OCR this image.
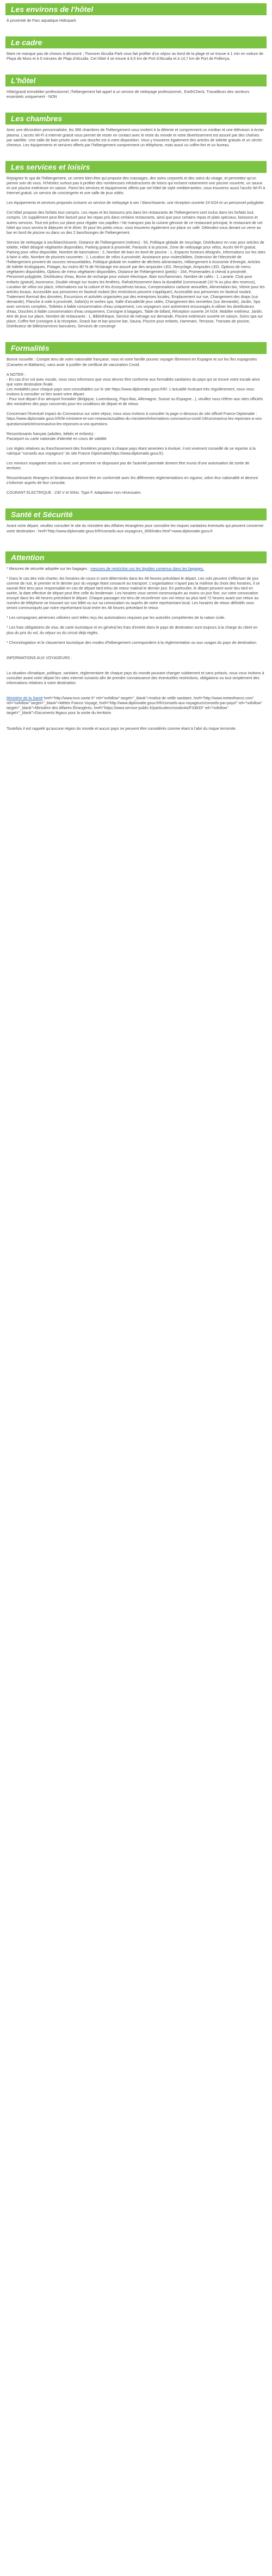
Les environs de l'hôtel

À proximité de Parc aquatique Hidropark

Le cadre

Mare ne manque pas de choses à découvrir ; l'honorer Alcudia Park vous fait profiter d'un séjour au bord de la plage et se trouve à 1 min en voiture de Playa de Muro et à 5 minutes de Plaja d'Alcudia. Cet hôtel 4 se trouve à 6,5 km de Port d'Alcudia et à 14,7 km de Port de Pollença.

L'hôtel

Hôte(grand immobilier professionnel, l'hébergement fait appel à un service de nettoyage professionnel., EarthCheck, Travailleurs des secteurs essentiels uniquement - NON

Les chambres

Avec une décoration personnalisée, les 366 chambres de l'hébergement vous invitent à la détente et comprennent un minibar et une télévision à écran plasma. L'accès Wi-Fi à Internet gratuit vous permet de rester en contact avec le reste du monde et votre divertissement est assuré par des chaînes par satellite. Une salle de bain privée avec une douche est à votre disposition. Vous y trouverez également des articles de toilette gratuits et un sèche-cheveux. Les équipements et services offerts par l'hébergement comprennent un téléphone, mais aussi un coffre-fort et un bureau.

Les services et loisirs

Rejoignez le spa de l'hébergement, un centre bien-être qui propose des massages, des soins corporels et des soins du visage, et permettez qu'un pienne soin de vous. N'hésitez surtout pas à profiter des nombreuses infrastructures de loisirs qui incluent notamment une piscine couverte, un sauna et une piscine extérieure en saison. Parmi les services et équipements offerts par cet hôtel de style méditerranéen, vous trouverez aussi l'accès Wi-Fi à Internet gratuit, un service de conciergerie et une salle de jeux vidéo.

Les équipements et services proposés incluent un service de nettoyage à sec / blanchisserie, une réception ouverte 24 h/24 et un personnel polyglotte.

Cet hôtel propose des forfaits tout compris. Les repas et les boissons pris dans les restaurants de l'hébergement sont inclus dans les forfaits tout compris. Un supplément peut être facturé pour les repas pris dans certains restaurants, ainsi que pour certains repas et plats spéciaux, boissons et autres services. Tout est prévu sur place pour régaler vos papilles ! Ne manquez pas la cuisine génoise de ce restaurant principal, le restaurant de cet hôtel qui vous servira le déjeuner et le dîner. Et pour les petits creux, vous trouverez également sur place un café. Détendez-vous devant un verre au bar en bord de piscine ou dans un des 2 bars/lounges de l'hébergement.

Service de nettoyage à sec/blanchisserie, Distance de l'hébergement (mètres) - 50, Politique globale de recyclage, Distributeur en vrac pour articles de toilette, Hôtel désigné végétarien disponibles, Parking gratuit à proximité, Parasols à la piscine, Zone de nettoyage pour vélos, Accès Wi-Fi gratuit, Parking pour vélos disponible, Nombre de bars/salons : 2, Nombre de bars en bord de piscine : 1, Espaces fumeurs désignés, Informations sur les sites à faire à vélo, Nombre de piscines couvertes : 1, Location de vélos à proximité, Assistance pour visites/billets, Ostension de l'électricité de l'hébergement provient de sources renouvelables, Politique globale en matière de déchets alimentaires, Hébergement à économie d'énergie, Articles de toilette écologiques, Potager, Au moins 80 % de l'éclairage est assuré par des ampoules LED, Recyclage, Ampoules LED, Options de menu végétarien disponibles, Options de menu végétarien disponibles, Distance de l'hébergement (pieds) - 164, Promenades à cheval à proximité, Personnel polyglotte, Distributeur d'eau, Borne de recharge pour voiture électrique, Bain turc/hammam, Nombre de cafés : 1, Lavarie, Club pour enfants (gratuit), Ascenseur, Double vitrage sur toutes les fenêtres, Rafraîchissement dans la durabilité (communauté (10 % ou plus des revenus), Location de vélos sur place, Informations sur la culture et les écosystèmes locaux, Compensations carbone annuelles, Alimentation bio, Vitrine pour les articles locaux, Accessible aux personnes en fauteuil roulant (les restrictions peuvent s'appliquer), Accessible aux personnes en fauteuil roulant, Traitement thermal des données, Excursions et activités organisées par des entreprises locales, Emplacement sur rue, Changement des draps (sur demande), Planche à voile à proximité, Safari(s) et sorties spa, Salle d'arcade/de jeux vidéo, Changement des serviettes (sur demande), Jardin, Spa avec services complets, Toilettes à faible consommation d'eau uniquement, Les voyageurs sont activement encouragés à utiliser les distributeurs d'eau, Douches à faible consommation d'eau uniquement, Consigne à bagages, Table de billard, Réception ouverte 24 h/24, Mobilier extérieur, Jardin, Aire de jeux sur place, Nombre de restaurants : 1, Bibliothèque, Service de ménage sur demande, Piscine extérieure ouverte en saison, Soins spa sur place, Coffre-fort (consigne à la réception, Snack bar et bar-piscine bar, Sauna, Piscine pour enfants, Hammam, Terrasse, Transats de piscine, Distributeur de billets/services bancaires, Services de concierge

Formalités

Bonne nouvelle : Compte tenu de votre nationalité française, vous et votre famille pouvez voyager librement en Espagne et sur les îles espagnoles (Canaries et Baléares), sans avoir à justifier de certificat de vaccination Covid.

A NOTER :
- En cas d'un vol avec escale, nous vous informons que vous devrez être conforme aux formalités sanitaires du pays qui se trouve votre escale ainsi que votre destination finale.
Les modalités pour chaque pays sont consultables sur le site https://www.diplomatie.gouv.fr/fr/. L'actualité évoluant très régulièrement, nous vous invitons à consulter ce lien avant votre départ.
- Pour tout départ d'un aéroport frontalier (Belgique, Luxembourg, Pays-Bas, Allemagne, Suisse ou Espagne...), veuillez vous référer aux sites officiels des ministères des pays concernés pour les conditions de départ et de retour.

Concernant l'éventuel impact du Coronavirus sur votre séjour, nous vous invitons à consulter la page ci-dessous du site officiel France Diplomatie : https://www.diplomatie.gouv.fr/fr/le-ministere-et-son-reseau/actualites-du-ministere/informations-coronavirus-covid-19/coronavirus-les-reponses-a-vos-questions/article/coronavirus-les-reponses-a-vos-questions

Ressortissants français (adultes, bébés et enfants) :
Passeport ou carte nationale d'identité en cours de validité.

Les règles relatives au franchissement des frontières propres à chaque pays étant amenées à évoluer, il est vivement conseillé de se reporter à la rubrique "conseils aux voyageurs" du site France Diplomatie(https://www.diplomatie.gouv.fr).

Les mineurs voyageant seuls ou avec une personne ne disposant pas de l'autorité parentale doivent être munis d'une autorisation de sortie de territoire.

Ressortissants étrangers et binationaux devront être en conformité avec les différentes réglementations en vigueur, selon leur nationalité et devront s'informer auprès de leur consulat.

COURANT ELECTRIQUE : 230 V et 50Hz. Type F. Adaptateur non nécessaire.

Santé et Sécurité

Avant votre départ, veuillez consulter le site du ministère des Affaires étrangères pour connaître les risques sanitaires éventuels qui peuvent concerner votre destination : href="http://www.diplomatie.gouv.fr/fr/conseils-aux-voyageurs_909/index.html">www.diplomatie.gouv.fr

Attention

* Mesures de sécurité adoptée sur les bagages : mesures de restriction sur les liquides contenus dans les bagages.

* Dans le cas des vols charter, les horaires de cours-ci sont déterminés dans les 48 heures précédant le départ. Les vols peuvent s'effectuer de jour comme de nuit, le premier et le dernier jour du voyage étant consacré au transport. L'organisateur n'ayant pas la maîtrise du choix des horaires, il se saurait être tenu pour responsable en cas de départ tard et/ou de retour matinal le dernier jour. En particulier, le départ peuvent avoir lieu tard en soirée, la date effective de départ peut être celle du lendemain. Les horaires vous seront communiqués au moins un jour fixe, sur votre convocation envoyé dans les 48 heures précédant le départ. Chaque passager est tenu de reconfirmer son vol retour au plus tard 72 heures avant son retour au numéro de téléphone se trouvant sur son billet ou sur sa convocation ou auprès de notre représentant local. Les horaires de retour définitifs vous seront communiqués par notre représentant local entre les 48 heures précédant le retour.

* Les compagnies aériennes utilisées sont telles reçu les autorisations requises par les autorités compétentes de la nation civile.

* Les frais obligatoires de visa, de carte touristique et en général les frais d'entrée dans le pays de destination sont toujours à la charge du client en plus du prix du vol, du séjour ou du circuit déjà réglés.

* Chronologiation et le classement touristique des modes d'hébergement correspondent à la réglementation ou aux usages du pays de destination.

INFORMATIONS AUX VOYAGEURS :

La situation climatique, politique, sanitaire, réglementaire de chaque pays du monde pouvant changer subitement et sans préavis, nous vous invitons à consulter avant votre départ les sites internet suivants afin de prendre connaissance des éventuelles restrictions, obligations ou tout simplement des informations relatives à votre destination.

Ministère de la Santé href="http://www.invs.sante.fr" rel="nofollow" target="_blank">Institut de veille sanitaire, href="http://www.meteofrance.com" rel="nofollow" target="_blank">Météo France Voyage, href="http://www.diplomatie.gouv.fr/fr/conseils-aux-voyageurs/conseils-par-pays/" rel="nofollow" target="_blank">Ministère des Affaires Étrangères, href="https://www.service-public.fr/particuliers/vosdroits/F33833" rel="nofollow" target="_blank">Documents légaux pour la sortie du territoire.

Toutefois il est rappelé qu'aucune région du monde et aucun pays ne peuvent être considérés comme étant à l'abri du risque terroriste.
